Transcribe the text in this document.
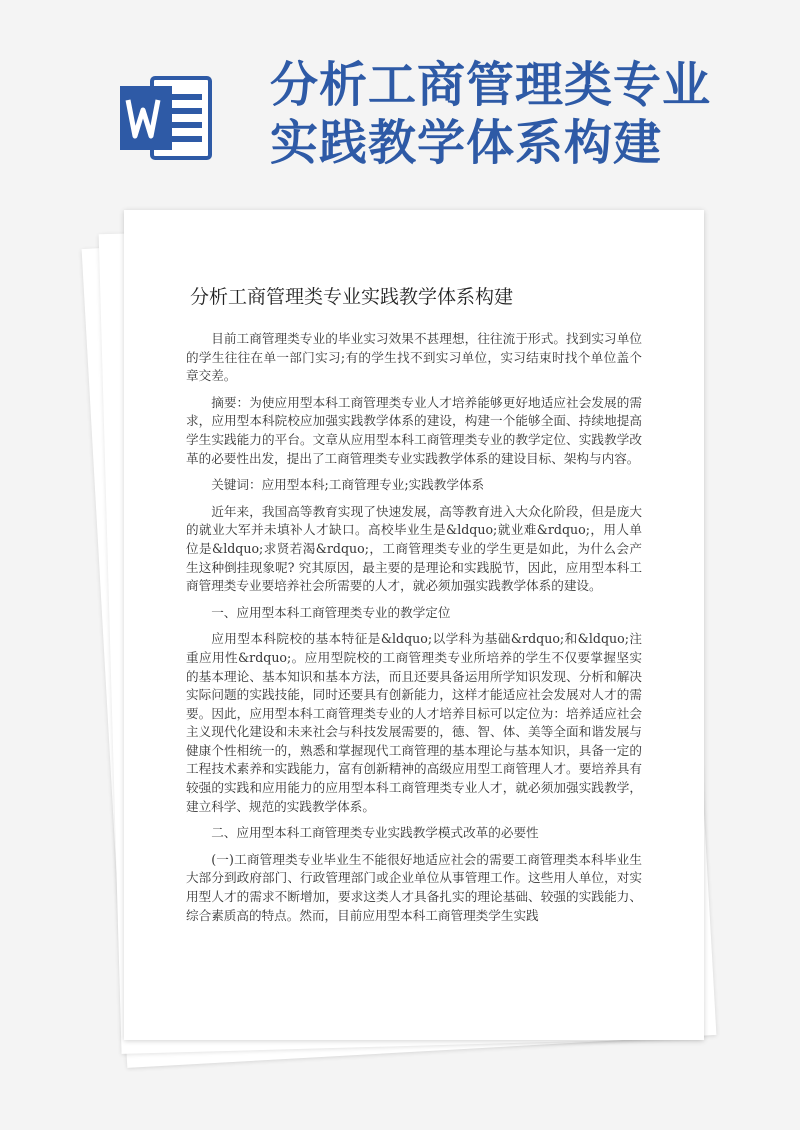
分析工商管理类专业实践教学体系构建
分析工商管理类专业实践教学体系构建

目前工商管理类专业的毕业实习效果不甚理想，往往流于形式。找到实习单位的学生往往在单一部门实习;有的学生找不到实习单位，实习结束时找个单位盖个章交差。

摘要：为使应用型本科工商管理类专业人才培养能够更好地适应社会发展的需求，应用型本科院校应加强实践教学体系的建设，构建一个能够全面、持续地提高学生实践能力的平台。文章从应用型本科工商管理类专业的教学定位、实践教学改革的必要性出发，提出了工商管理类专业实践教学体系的建设目标、架构与内容。

关键词：应用型本科;工商管理专业;实践教学体系

近年来，我国高等教育实现了快速发展，高等教育进入大众化阶段，但是庞大的就业大军并未填补人才缺口。高校毕业生是&ldquo;就业难&rdquo;，用人单位是&ldquo;求贤若渴&rdquo;，工商管理类专业的学生更是如此，为什么会产生这种倒挂现象呢? 究其原因，最主要的是理论和实践脱节，因此，应用型本科工商管理类专业要培养社会所需要的人才，就必须加强实践教学体系的建设。

一、应用型本科工商管理类专业的教学定位

应用型本科院校的基本特征是&ldquo;以学科为基础&rdquo;和&ldquo;注重应用性&rdquo;。应用型院校的工商管理类专业所培养的学生不仅要掌握坚实的基本理论、基本知识和基本方法，而且还要具备运用所学知识发现、分析和解决实际问题的实践技能，同时还要具有创新能力，这样才能适应社会发展对人才的需要。因此，应用型本科工商管理类专业的人才培养目标可以定位为：培养适应社会主义现代化建设和未来社会与科技发展需要的，德、智、体、美等全面和谐发展与健康个性相统一的，熟悉和掌握现代工商管理的基本理论与基本知识，具备一定的工程技术素养和实践能力，富有创新精神的高级应用型工商管理人才。要培养具有较强的实践和应用能力的应用型本科工商管理类专业人才，就必须加强实践教学，建立科学、规范的实践教学体系。

二、应用型本科工商管理类专业实践教学模式改革的必要性

(一)工商管理类专业毕业生不能很好地适应社会的需要工商管理类本科毕业生大部分到政府部门、行政管理部门或企业单位从事管理工作。这些用人单位，对实用型人才的需求不断增加，要求这类人才具备扎实的理论基础、较强的实践能力、综合素质高的特点。然而，目前应用型本科工商管理类学生实践
